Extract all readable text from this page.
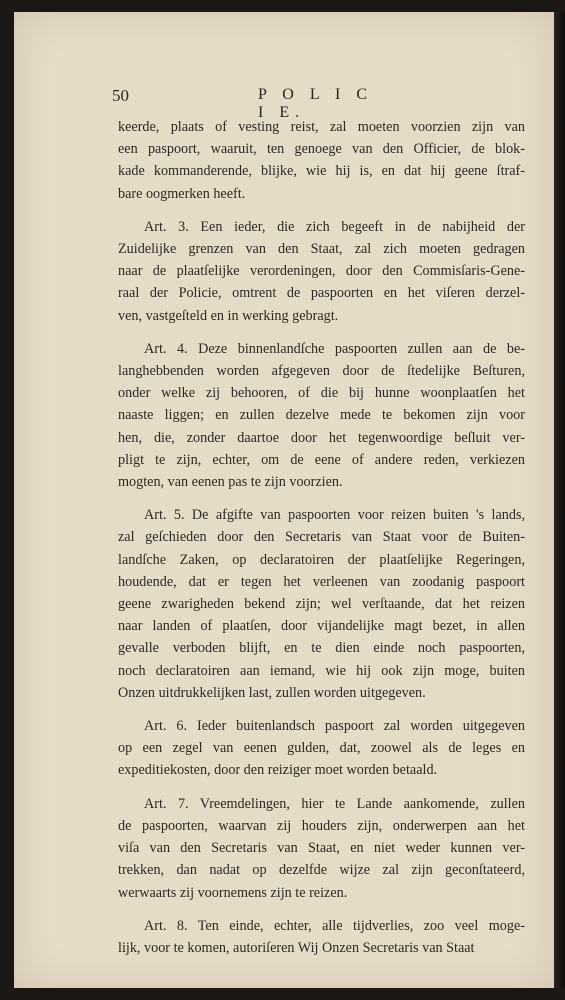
50	P O L I C I E.
keerde, plaats of vesting reist, zal moeten voorzien zijn van
een paspoort, waaruit, ten genoege van den Officier, de blok-
kade kommanderende, blijke, wie hij is, en dat hij geene ſtraf-
bare oogmerken heeft.
Art. 3. Een ieder, die zich begeeft in de nabijheid der
Zuidelijke grenzen van den Staat, zal zich moeten gedragen
naar de plaatſelijke verordeningen, door den Commisſaris-Gene-
raal der Policie, omtrent de paspoorten en het viſeren derzel-
ven, vastgeſteld en in werking gebragt.
Art. 4. Deze binnenlandſche paspoorten zullen aan de be-
langhebbenden worden afgegeven door de ſtedelijke Beſturen,
onder welke zij behooren, of die bij hunne woonplaatſen het
naaste liggen; en zullen dezelve mede te bekomen zijn voor
hen, die, zonder daartoe door het tegenwoordige beſluit ver-
pligt te zijn, echter, om de eene of andere reden, verkiezen
mogten, van eenen pas te zijn voorzien.
Art. 5. De afgifte van paspoorten voor reizen buiten 's lands,
zal geſchieden door den Secretaris van Staat voor de Buiten-
landſche Zaken, op declaratoiren der plaatſelijke Regeringen,
houdende, dat er tegen het verleenen van zoodanig paspoort
geene zwarigheden bekend zijn; wel verſtaande, dat het reizen
naar landen of plaatſen, door vijandelijke magt bezet, in allen
gevalle verboden blijft, en te dien einde noch paspoorten,
noch declaratoiren aan iemand, wie hij ook zijn moge, buiten
Onzen uitdrukkelijken last, zullen worden uitgegeven.
Art. 6. Ieder buitenlandsch paspoort zal worden uitgegeven
op een zegel van eenen gulden, dat, zoowel als de leges en
expeditiekosten, door den reiziger moet worden betaald.
Art. 7. Vreemdelingen, hier te Lande aankomende, zullen
de paspoorten, waarvan zij houders zijn, onderwerpen aan het
viſa van den Secretaris van Staat, en niet weder kunnen ver-
trekken, dan nadat op dezelfde wijze zal zijn geconſtateerd,
werwaarts zij voornemens zijn te reizen.
Art. 8. Ten einde, echter, alle tijdverlies, zoo veel moge-
lijk, voor te komen, autoriſeren Wij Onzen Secretaris van Staat
